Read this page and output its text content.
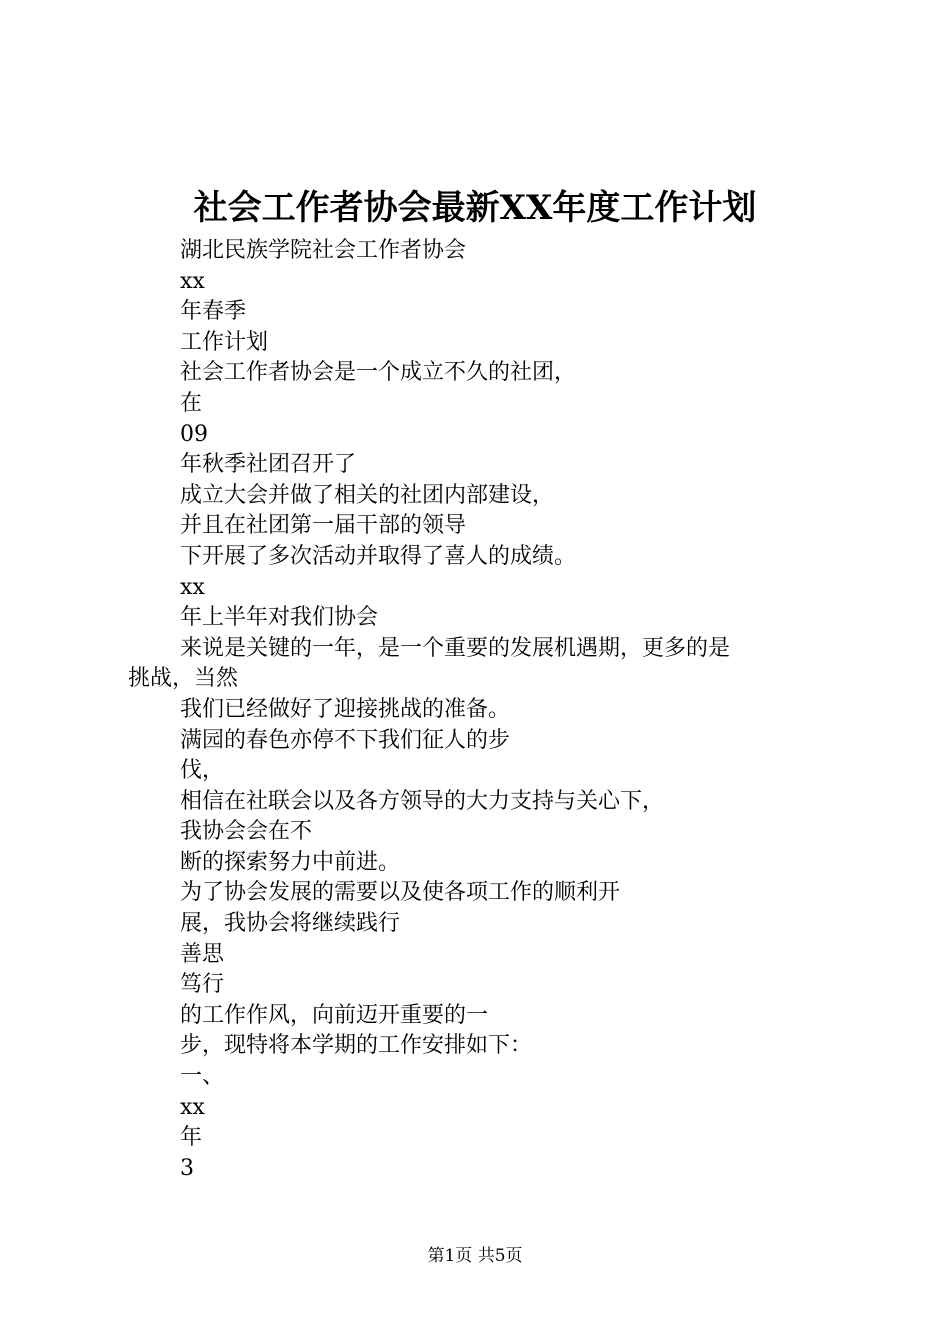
社会工作者协会最新XX年度工作计划
湖北民族学院社会工作者协会
xx
年春季
工作计划
社会工作者协会是一个成立不久的社团，
在
09
年秋季社团召开了
成立大会并做了相关的社团内部建设，
并且在社团第一届干部的领导
下开展了多次活动并取得了喜人的成绩。
xx
年上半年对我们协会
来说是关键的一年，是一个重要的发展机遇期，更多的是
挑战，当然
我们已经做好了迎接挑战的准备。
满园的春色亦停不下我们征人的步
伐，
相信在社联会以及各方领导的大力支持与关心下，
我协会会在不
断的探索努力中前进。
为了协会发展的需要以及使各项工作的顺利开
展，我协会将继续践行
善思
笃行
的工作作风，向前迈开重要的一
步，现特将本学期的工作安排如下：
一、
xx
年
3
第1页 共5页
